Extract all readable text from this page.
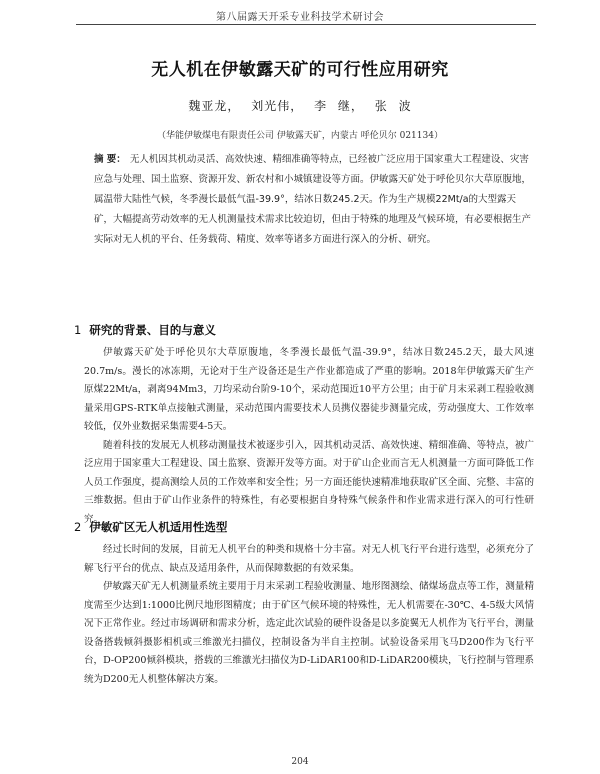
第八届露天开采专业科技学术研讨会
无人机在伊敏露天矿的可行性应用研究
魏亚龙， 刘光伟， 李 继， 张 波
（华能伊敏煤电有限责任公司 伊敏露天矿，内蒙古 呼伦贝尔 021134）
摘 要： 无人机因其机动灵活、高效快速、精细准确等特点，已经被广泛应用于国家重大工程建设、灾害应急与处理、国土监察、资源开发、新农村和小城镇建设等方面。伊敏露天矿处于呼伦贝尔大草原腹地，属温带大陆性气候，冬季漫长最低气温-39.9°，结冰日数245.2天。作为生产规模22Mt/a的大型露天矿，大幅提高劳动效率的无人机测量技术需求比较迫切，但由于特殊的地理及气候环境，有必要根据生产实际对无人机的平台、任务载荷、精度、效率等诸多方面进行深入的分析、研究。
1 研究的背景、目的与意义

伊敏露天矿处于呼伦贝尔大草原腹地，冬季漫长最低气温-39.9°，结冰日数245.2天，最大风速20.7m/s。漫长的冰冻期，无论对于生产设备还是生产作业都造成了严重的影响。2018年伊敏露天矿生产原煤22Mt/a，剥离94Mm3，刀均采动台阶9-10个，采动范围近10平方公里；由于矿月末采剥工程验收测量采用GPS-RTK单点接触式测量，采动范围内需要技术人员携仪器徒步测量完成，劳动强度大、工作效率较低，仅外业数据采集需要4-5天。

随着科技的发展无人机移动测量技术被逐步引入，因其机动灵活、高效快速、精细准确、等特点，被广泛应用于国家重大工程建设、国土监察、资源开发等方面。对于矿山企业而言无人机测量一方面可降低工作人员工作强度，提高测绘人员的工作效率和安全性；另一方面还能快速精准地获取矿区全面、完整、丰富的三维数据。但由于矿山作业条件的特殊性，有必要根据自身特殊气候条件和作业需求进行深入的可行性研究。

2 伊敏矿区无人机适用性选型

经过长时间的发展，目前无人机平台的种类和规格十分丰富。对无人机飞行平台进行选型，必须充分了解飞行平台的优点、缺点及适用条件，从而保障数据的有效采集。

伊敏露天矿无人机测量系统主要用于月末采剥工程验收测量、地形图测绘、储煤场盘点等工作，测量精度需至少达到1:1000比例尺地形图精度；由于矿区气候环境的特殊性，无人机需要在-30℃、4-5级大风情况下正常作业。经过市场调研和需求分析，选定此次试验的硬件设备是以多旋翼无人机作为飞行平台，测量设备搭载倾斜摄影相机或三维激光扫描仪，控制设备为半自主控制。试验设备采用飞马D200作为飞行平台，D-OP200倾斜模块，搭载的三维激光扫描仪为D-LiDAR100和D-LiDAR200模块，飞行控制与管理系统为D200无人机整体解决方案。

204
